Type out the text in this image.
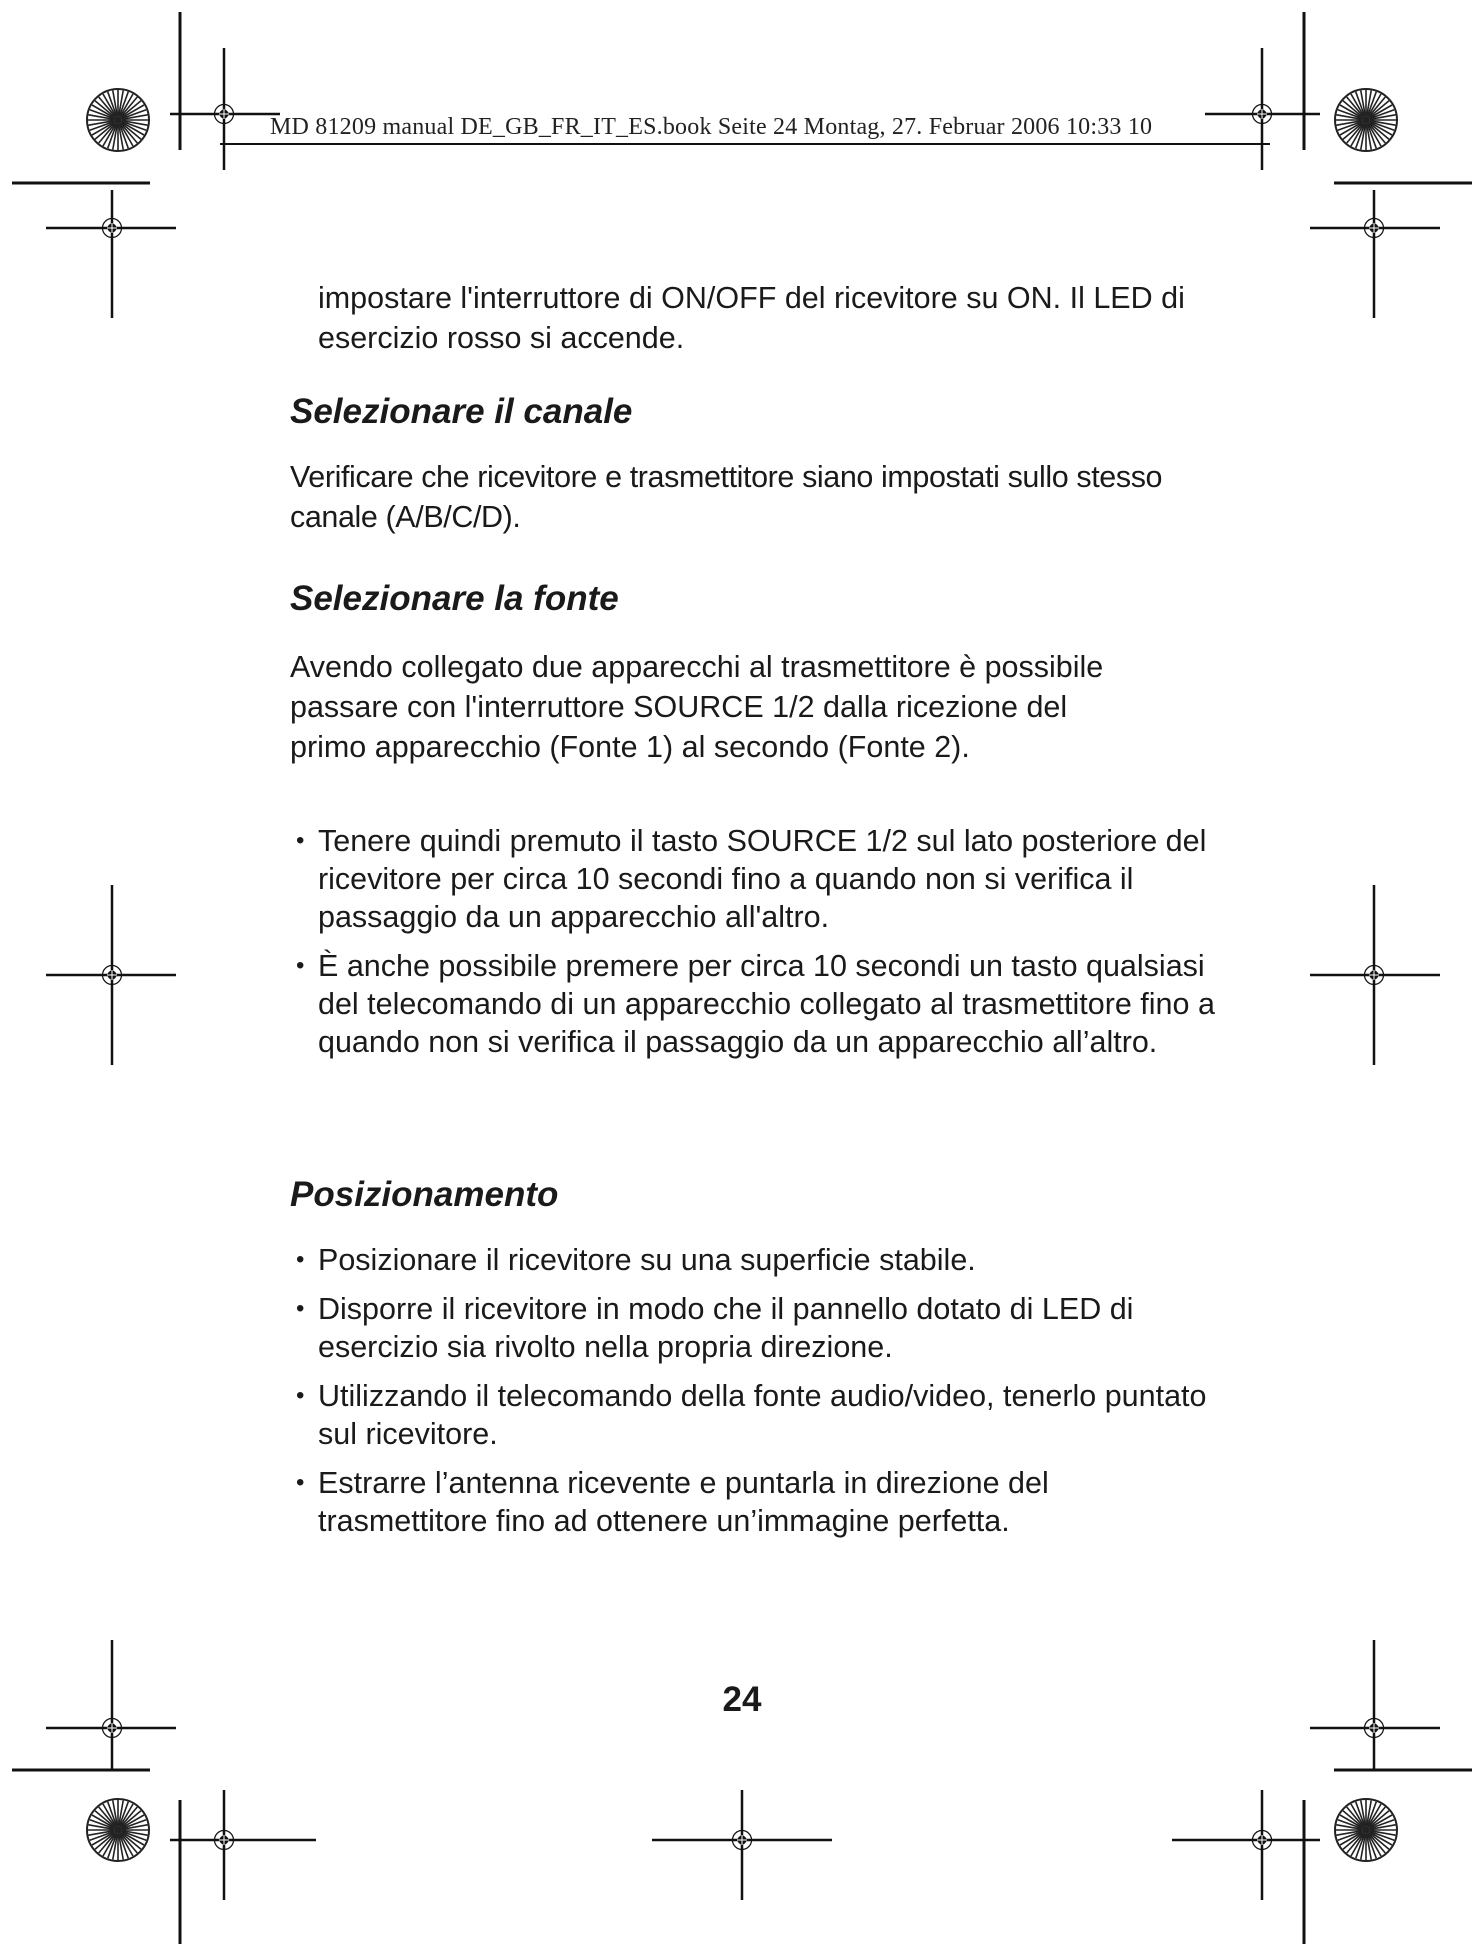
MD 81209 manual DE_GB_FR_IT_ES.book Seite 24 Montag, 27. Februar 2006 10:33 10

impostare l'interruttore di ON/OFF del ricevitore su ON. Il LED di esercizio rosso si accende.

Selezionare il canale

Verificare che ricevitore e trasmettitore siano impostati sullo stesso canale (A/B/C/D).

Selezionare la fonte

Avendo collegato due apparecchi al trasmettitore è possibile passare con l'interruttore SOURCE 1/2 dalla ricezione del primo apparecchio (Fonte 1) al secondo (Fonte 2).

• Tenere quindi premuto il tasto SOURCE 1/2 sul lato posteriore del ricevitore per circa 10 secondi fino a quando non si verifica il passaggio da un apparecchio all'altro.
• È anche possibile premere per circa 10 secondi un tasto qualsiasi del telecomando di un apparecchio collegato al trasmettitore fino a quando non si verifica il passaggio da un apparecchio all’altro.
Posizionamento
• Posizionare il ricevitore su una superficie stabile.
• Disporre il ricevitore in modo che il pannello dotato di LED di esercizio sia rivolto nella propria direzione.
• Utilizzando il telecomando della fonte audio/video, tenerlo puntato sul ricevitore.
• Estrarre l’antenna ricevente e puntarla in direzione del trasmettitore fino ad ottenere un’immagine perfetta.
24
